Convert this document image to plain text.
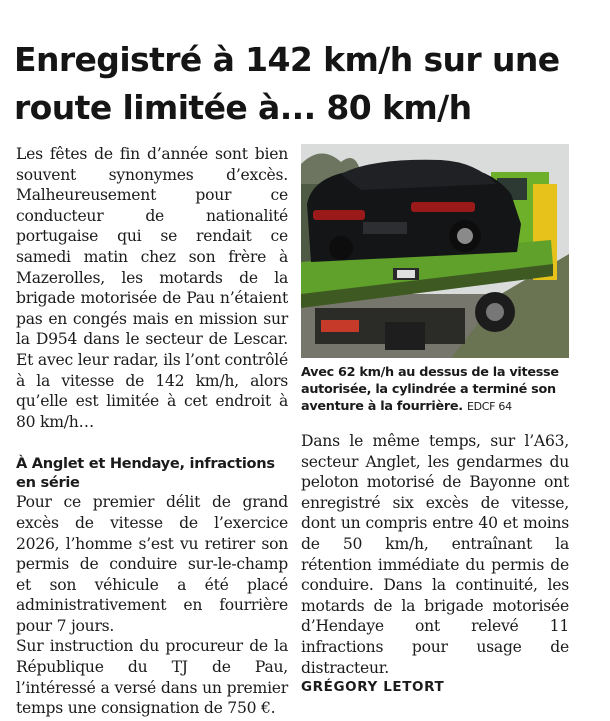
Enregistré à 142 km/h sur une route limitée à... 80 km/h

Les fêtes de fin d’année sont bien souvent synonymes d’excès. Malheureusement pour ce conducteur de nationalité portugaise qui se rendait ce samedi matin chez son frère à Mazerolles, les motards de la brigade motorisée de Pau n’étaient pas en congés mais en mission sur la D954 dans le secteur de Lescar. Et avec leur radar, ils l’ont contrôlé à la vitesse de 142 km/h, alors qu’elle est limitée à cet endroit à 80 km/h…

À Anglet et Hendaye, infractions en série

Pour ce premier délit de grand excès de vitesse de l’exercice 2026, l’homme s’est vu retirer son permis de conduire sur-le-champ et son véhicule a été placé administrativement en fourrière pour 7 jours.

Sur instruction du procureur de la République du TJ de Pau, l’intéressé a versé dans un premier temps une consignation de 750 €.

Avec 62 km/h au dessus de la vitesse autorisée, la cylindrée a terminé son aventure à la fourrière. EDCF 64

Dans le même temps, sur l’A63, secteur Anglet, les gendarmes du peloton motorisé de Bayonne ont enregistré six excès de vitesse, dont un compris entre 40 et moins de 50 km/h, entraînant la rétention immédiate du permis de conduire. Dans la continuité, les motards de la brigade motorisée d’Hendaye ont relevé 11 infractions pour usage de distracteur.

GRÉGORY LETORT
